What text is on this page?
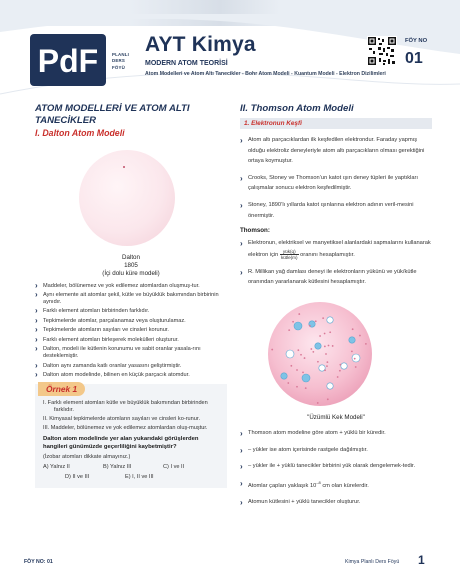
PdF	PLANLI
DERS
FÖYÜ
AYT Kimya
MODERN ATOM TEORİSİ
Atom Modelleri ve Atom Altı Tanecikler - Bohr Atom Modeli - Kuantum Modeli - Elektron Dizilimleri
FÖY NO
01
ATOM MODELLERİ VE ATOM ALTI TANECİKLER
I. Dalton Atom Modeli
Dalton
1805
(İçi dolu küre modeli)
› Maddeler, bölünemez ve yok edilemez atomlardan oluşmuş-tur.
› Aynı elemente ait atomlar şekil, kütle ve büyüklük bakımından birbirinin aynıdır.
› Farklı element atomları birbirinden farklıdır.
› Tepkimelerde atomlar, parçalanamaz veya oluşturulamaz.
› Tepkimelerde atomların sayıları ve cinsleri korunur.
› Farklı element atomları birleşerek molekülleri oluşturur.
› Dalton, modeli ile kütlenin korunumu ve sabit oranlar yasala-rını desteklemiştir.
› Dalton aynı zamanda katlı oranlar yasasını geliştirmiştir.
› Dalton atom modelinde, bilinen en küçük parçacık atomdur.
Örnek 1
I. Farklı element atomları kütle ve büyüklük bakımından birbirinden farklıdır.
II. Kimyasal tepkimelerde atomların sayıları ve cinsleri ko-runur.
III. Maddeler, bölünemez ve yok edilemez atomlardan oluş-muştur.
Dalton atom modelinde yer alan yukarıdaki görüşlerden hangileri günümüzde geçerliliğini kaybetmiştir?
(İzobar atomları dikkate almayınız.)
A) Yalnız II	B) Yalnız III	C) I ve II
D) II ve III	E) I, II ve III
II. Thomson Atom Modeli
1. Elektronun Keşfi
› Atom altı parçacıklardan ilk keşfedilen elektrondur. Faraday yapmış olduğu elektroliz deneyleriyle atom altı parçacıkların olması gerektiğini ortaya koymuştur.
› Crooks, Stoney ve Thomson’un katot ışın deney tüpleri ile yaptıkları çalışmalar sonucu elektron keşfedilmiştir.
› Stoney, 1890’lı yıllarda katot ışınlarına elektron adının veril-mesini önermiştir.
Thomson:
› Elektronun, elektriksel ve manyetiksel alanlardaki sapmalarını kullanarak elektron için $\frac{\text{yük(q)}}{\text{kütle(m)}}$ oranını hesaplamıştır.
› R. Millikan yağ damlası deneyi ile elektronların yükünü ve yük/kütle oranından yararlanarak kütlesini hesaplamıştır.
"Üzümlü Kek Modeli"
› Thomson atom modeline göre atom + yüklü bir küredir.
› – yükler ise atom içerisinde rastgele dağılmıştır.
› – yükler ile + yüklü tanecikler birbirini yük olarak dengelemek-tedir.
› Atomlar çapları yaklaşık $10^{-8}$ cm olan kürelerdir.
› Atomun kütlesini + yüklü tanecikler oluşturur.
FÖY NO: 01	Kimya Planlı Ders Föyü 1
